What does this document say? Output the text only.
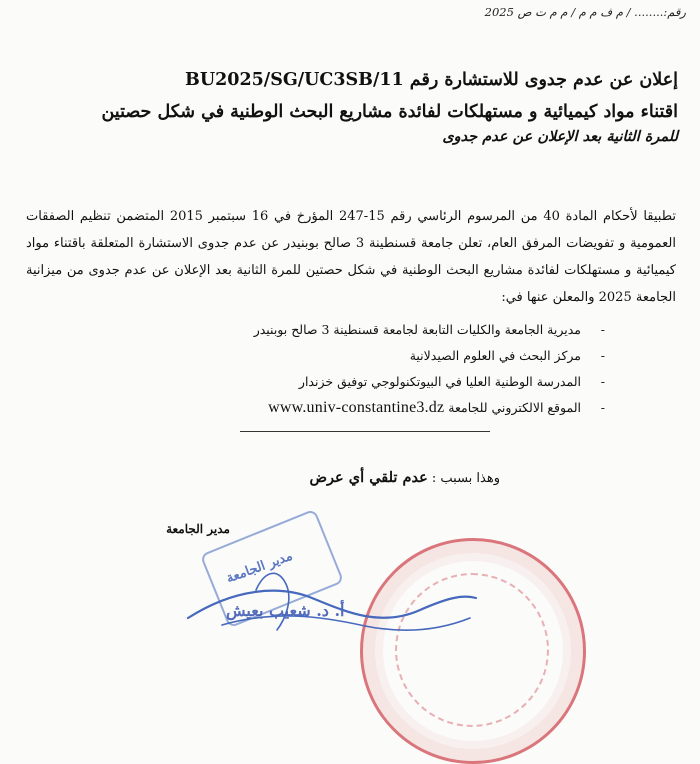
رقم:........ / م ف م م / م م ت ص 2025
إعلان عن عدم جدوى للاستشارة رقم BU2025/SG/UC3SB/11
اقتناء مواد كيميائية و مستهلكات لفائدة مشاريع البحث الوطنية في شكل حصتين
للمرة الثانية بعد الإعلان عن عدم جدوى
تطبيقا لأحكام المادة 40 من المرسوم الرئاسي رقم 15-247 المؤرخ في 16 سبتمبر 2015 المتضمن تنظيم الصفقات العمومية و تفويضات المرفق العام، تعلن جامعة قسنطينة 3 صالح بوبنيدر عن عدم جدوى الاستشارة المتعلقة باقتناء مواد كيميائية و مستهلكات لفائدة مشاريع البحث الوطنية في شكل حصتين للمرة الثانية بعد الإعلان عن عدم جدوى من ميزانية الجامعة 2025 والمعلن عنها في:
-
مديرية الجامعة والكليات التابعة لجامعة قسنطينة 3 صالح بوبنيدر
-
مركز البحث في العلوم الصيدلانية
-
المدرسة الوطنية العليا في البيوتكنولوجي توفيق خزندار
-
الموقع الالكتروني للجامعة www.univ-constantine3.dz
وهذا بسبب : عدم تلقي أي عرض
مدير الجامعة
مدير الجامعة
أ. د. شعيب بعيش
